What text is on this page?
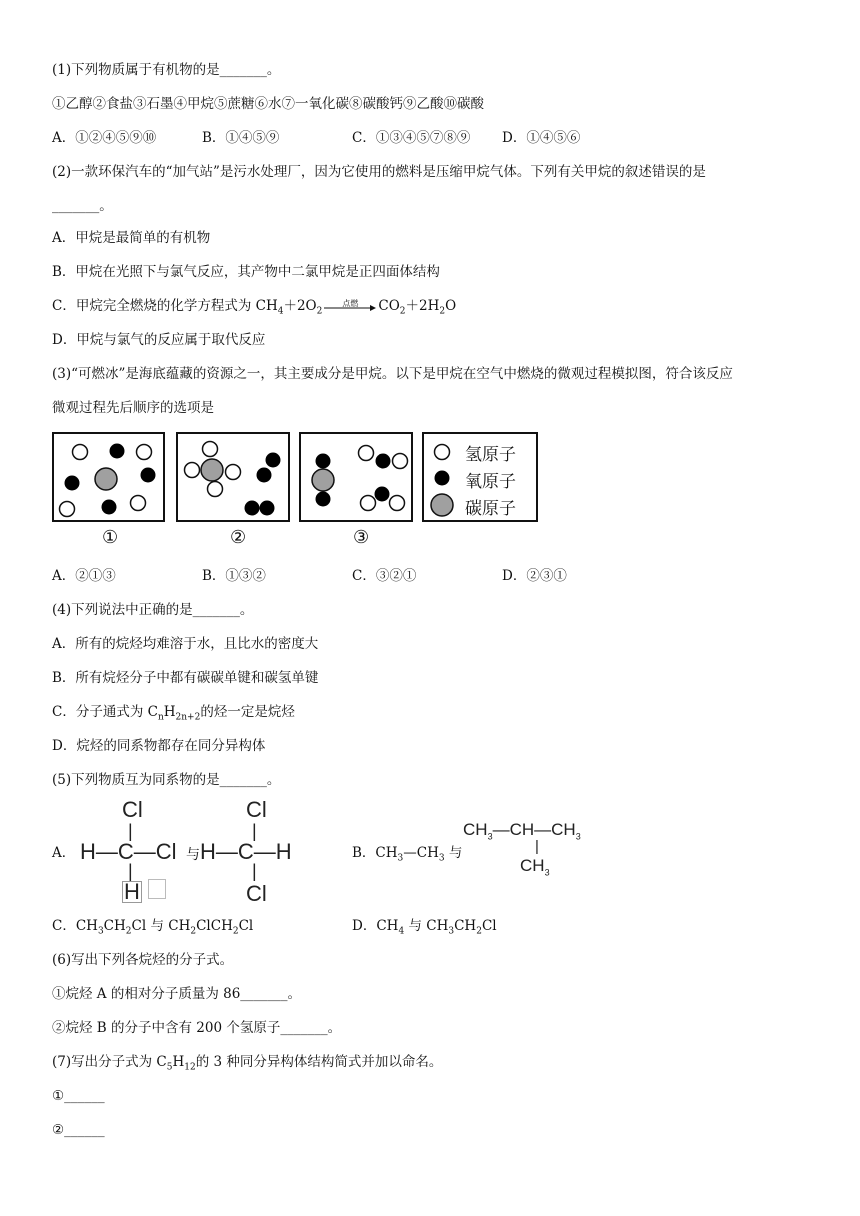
(1)下列物质属于有机物的是_______。
①乙醇②食盐③石墨④甲烷⑤蔗糖⑥水⑦一氧化碳⑧碳酸钙⑨乙酸⑩碳酸
A．①②④⑤⑨⑩	B．①④⑤⑨	C．①③④⑤⑦⑧⑨ D．①④⑤⑥
(2)一款环保汽车的“加气站”是污水处理厂，因为它使用的燃料是压缩甲烷气体。下列有关甲烷的叙述错误的是
_______。
A．甲烷是最简单的有机物
B．甲烷在光照下与氯气反应，其产物中二氯甲烷是正四面体结构
C．甲烷完全燃烧的化学方程式为 $CH_4+2O_2$
点燃	$CO_2+2H_2O$
D．甲烷与氯气的反应属于取代反应
(3)“可燃冰”是海底蕴藏的资源之一，其主要成分是甲烷。以下是甲烷在空气中燃烧的微观过程模拟图，符合该反应
微观过程先后顺序的选项是
氢原子
氧原子
碳原子
①	②	③
A．②①③	B．①③②	C．③②①	D．②③①
(4)下列说法中正确的是_______。
A．所有的烷烃均难溶于水，且比水的密度大
B．所有烷烃分子中都有碳碳单键和碳氢单键
C．分子通式为 $C_nH_{2n+2}$的烃一定是烷烃
D．烷烃的同系物都存在同分异构体
(5)下列物质互为同系物的是_______。
A．
Cl
|
H—C—Cl
|
H
与
Cl
|
H—C—H
|
Cl
B．$CH_3—CH_3$ 与
$CH_3—CH—CH_3$
|
$CH_3$
C．$CH_3CH_2Cl$ 与 $CH_2ClCH_2Cl$	D．$CH_4$ 与 $CH_3CH_2Cl$
(6)写出下列各烷烃的分子式。
①烷烃 A 的相对分子质量为 86_______。
②烷烃 B 的分子中含有 200 个氢原子_______。
(7)写出分子式为 $C_5H_{12}$的 3 种同分异构体结构简式并加以命名。
①______
②______
